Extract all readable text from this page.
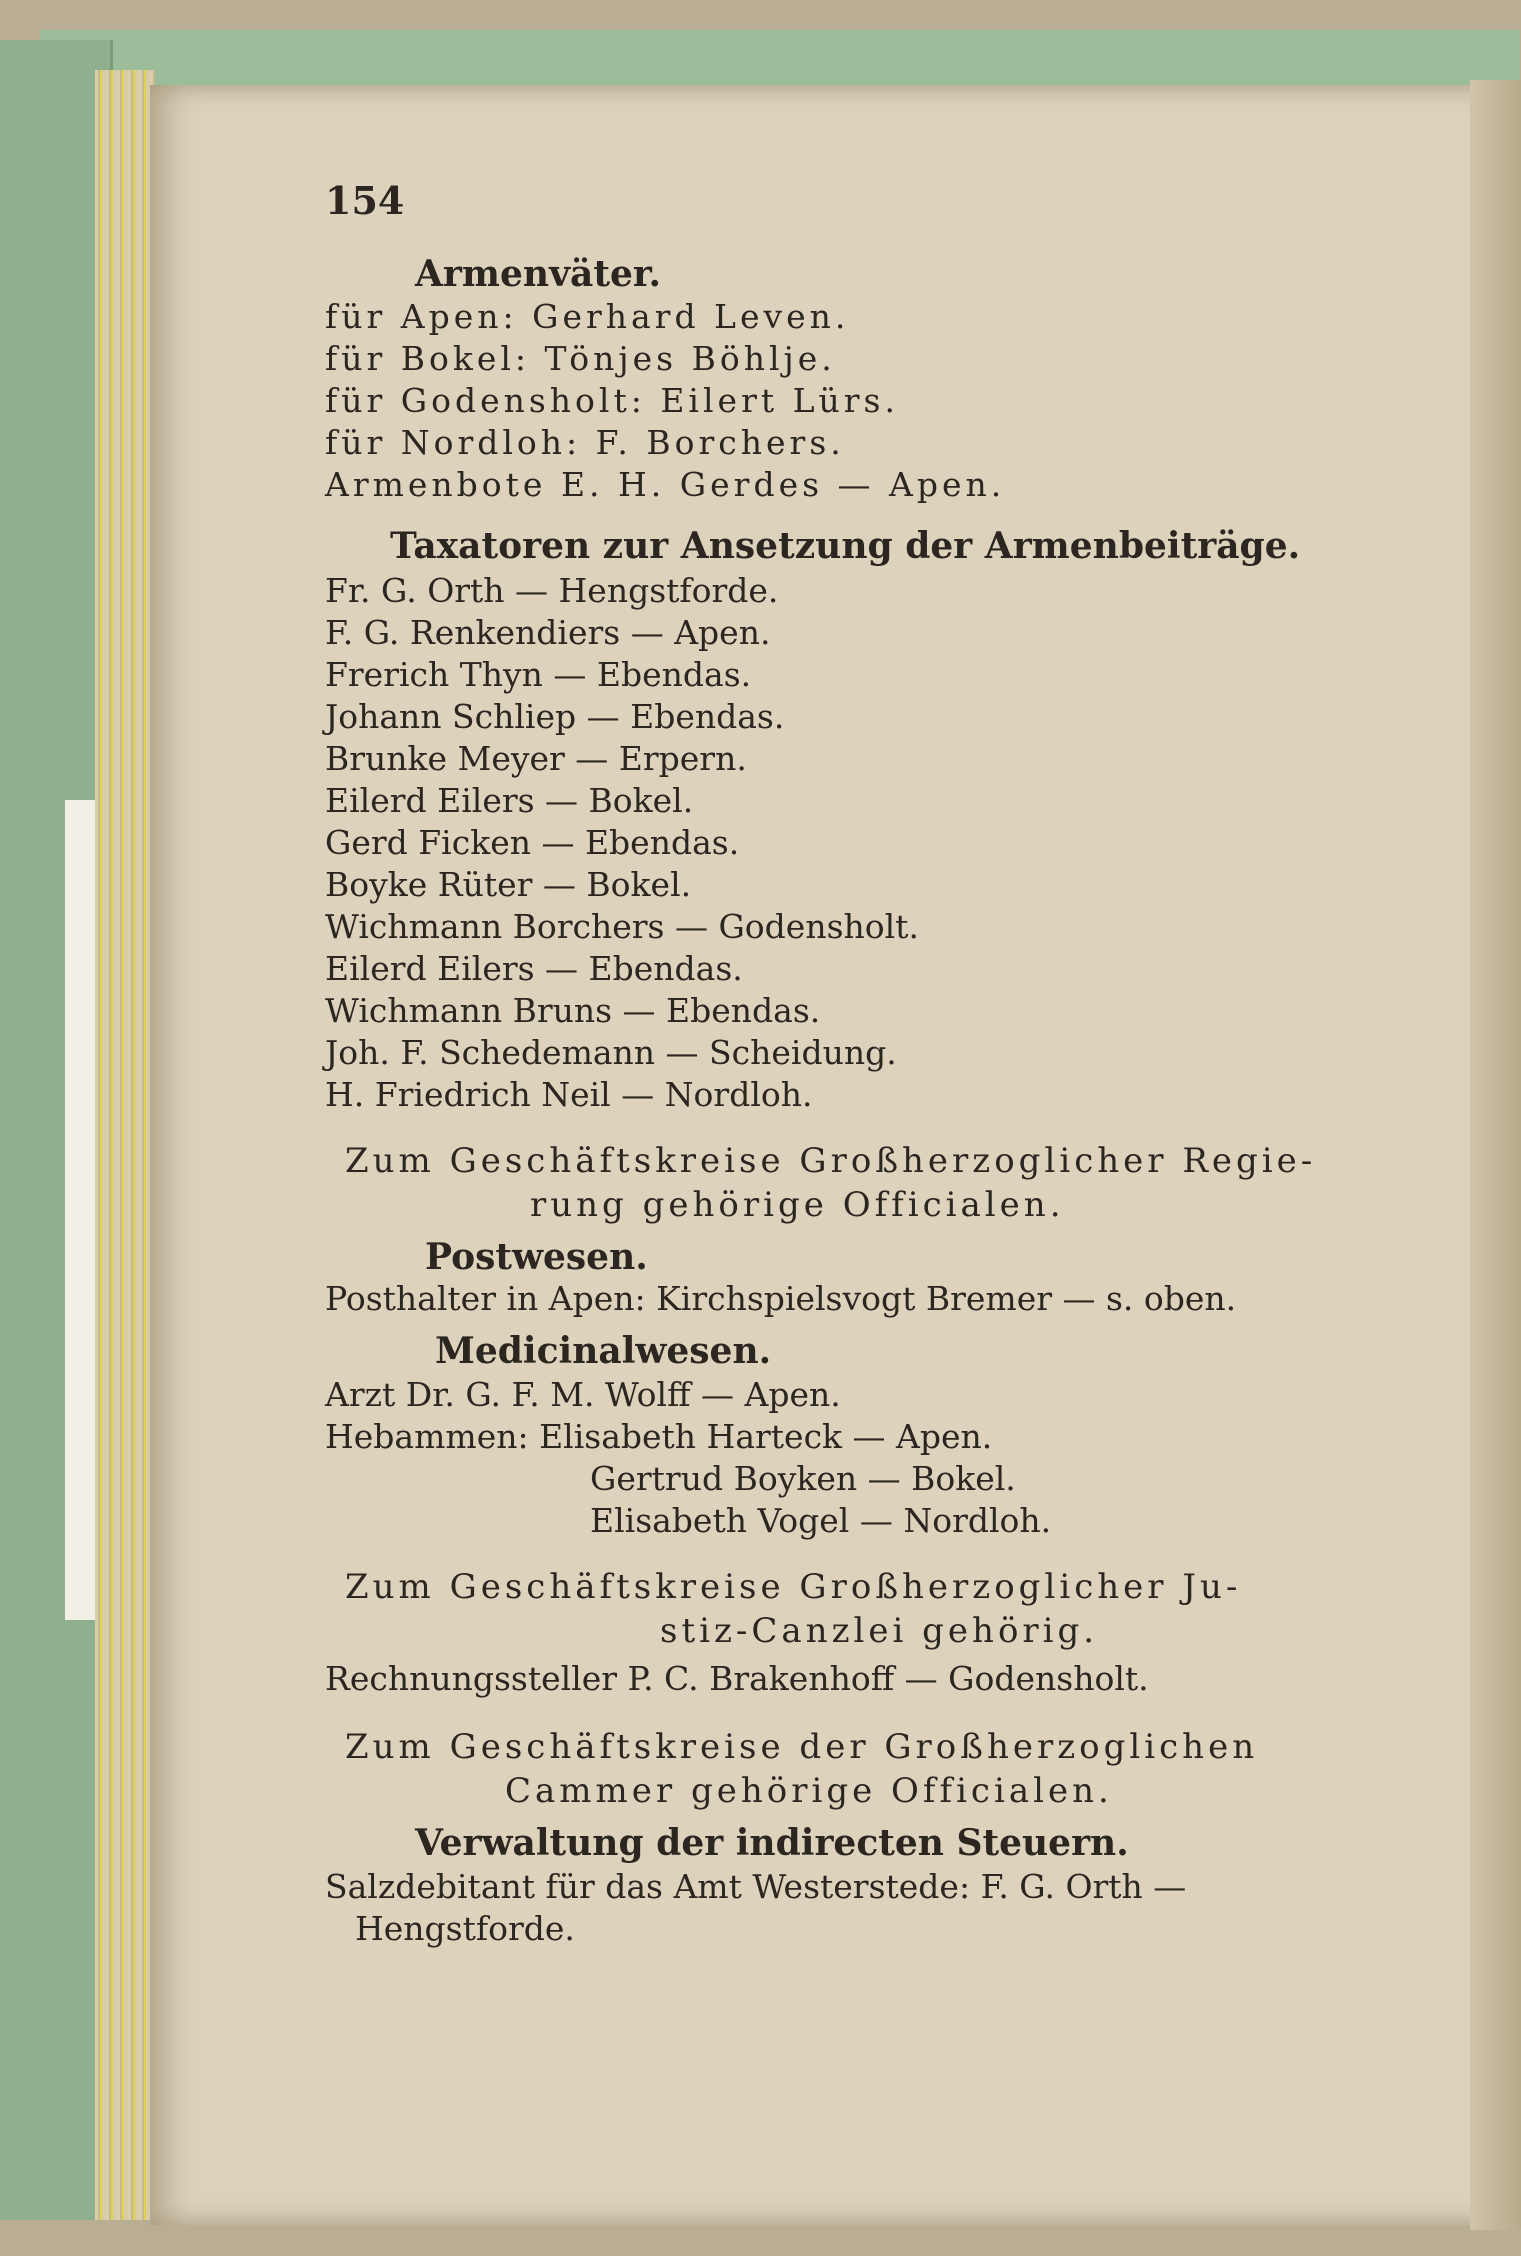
154
Armenväter.
für Apen: Gerhard Leven.
für Bokel: Tönjes Böhlje.
für Godensholt: Eilert Lürs.
für Nordloh: F. Borchers.
Armenbote E. H. Gerdes — Apen.
Taxatoren zur Ansetzung der Armenbeiträge.
Fr. G. Orth — Hengstforde.
F. G. Renkendiers — Apen.
Frerich Thyn — Ebendas.
Johann Schliep — Ebendas.
Brunke Meyer — Erpern.
Eilerd Eilers — Bokel.
Gerd Ficken — Ebendas.
Boyke Rüter — Bokel.
Wichmann Borchers — Godensholt.
Eilerd Eilers — Ebendas.
Wichmann Bruns — Ebendas.
Joh. F. Schedemann — Scheidung.
H. Friedrich Neil — Nordloh.
Zum Geschäftskreise Großherzoglicher Regie-
rung gehörige Officialen.
Postwesen.
Posthalter in Apen: Kirchspielsvogt Bremer — s. oben.
Medicinalwesen.
Arzt Dr. G. F. M. Wolff — Apen.
Hebammen: Elisabeth Harteck — Apen.
Gertrud Boyken — Bokel.
Elisabeth Vogel — Nordloh.
Zum Geschäftskreise Großherzoglicher Ju-
stiz-Canzlei gehörig.
Rechnungssteller P. C. Brakenhoff — Godensholt.
Zum Geschäftskreise der Großherzoglichen
Cammer gehörige Officialen.
Verwaltung der indirecten Steuern.
Salzdebitant für das Amt Westerstede: F. G. Orth —
Hengstforde.
